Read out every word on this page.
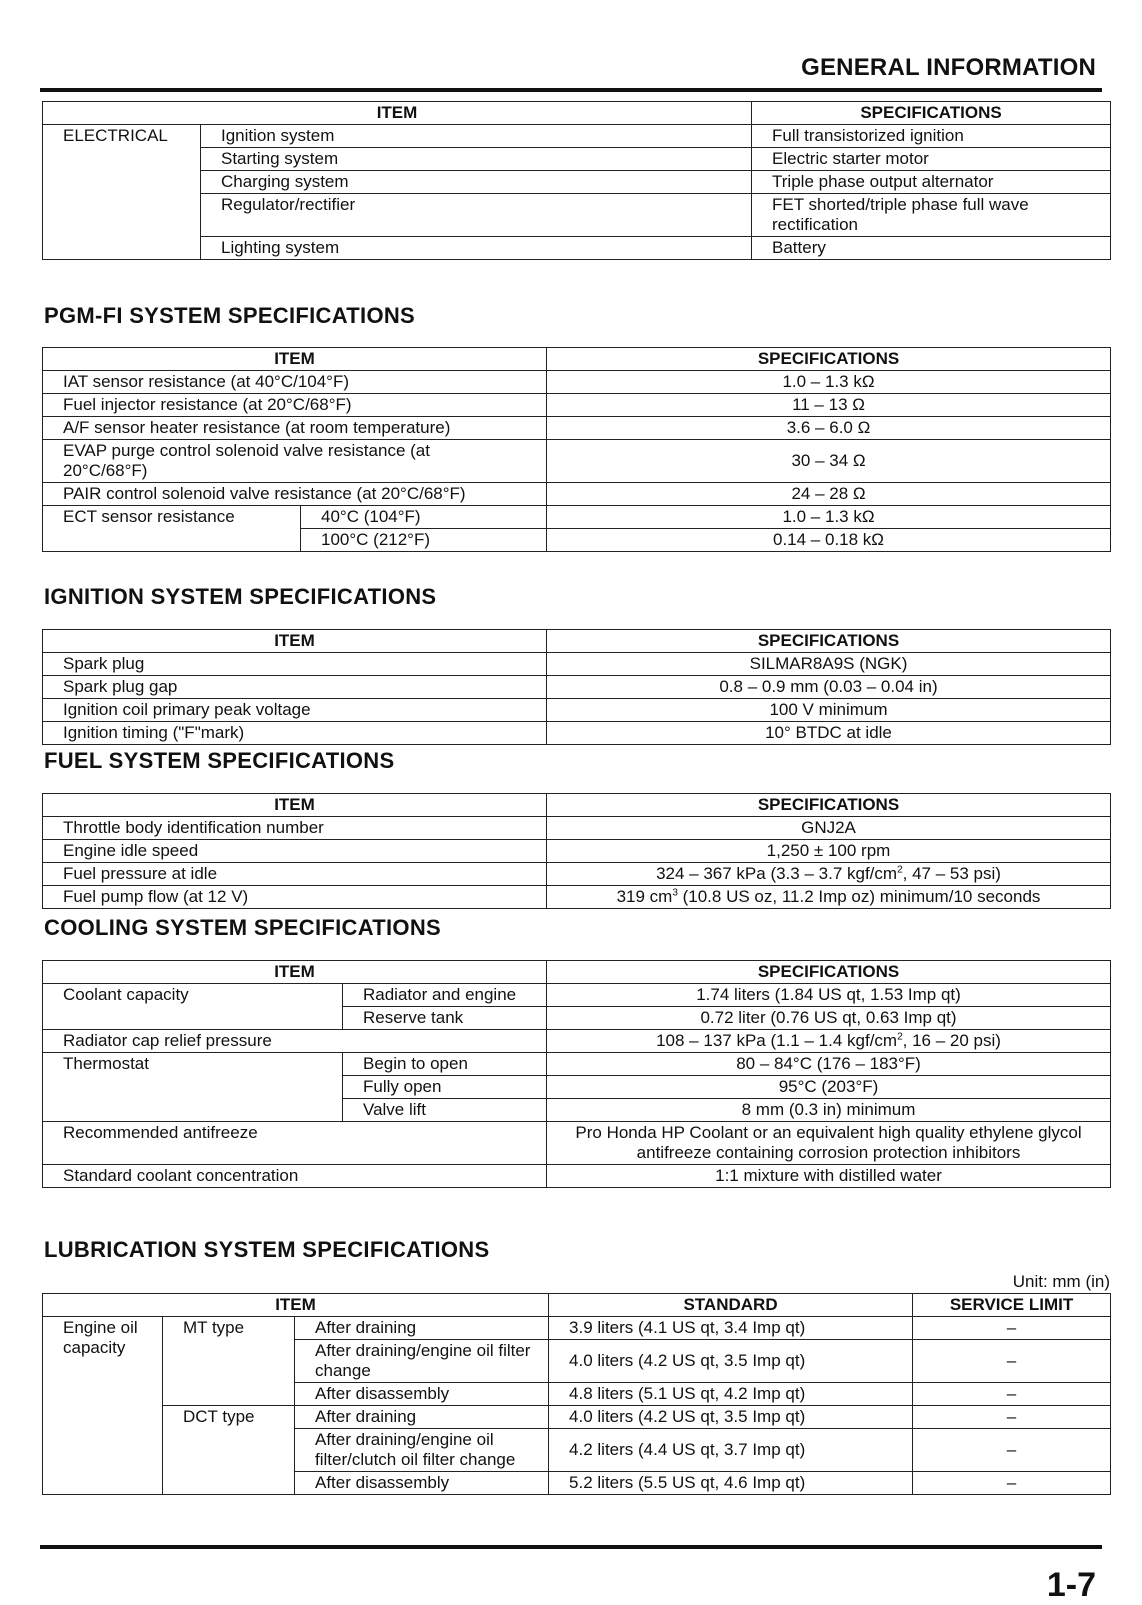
GENERAL INFORMATION
ITEM		SPECIFICATIONS
ELECTRICAL	Ignition system	Full transistorized ignition
	Starting system	Electric starter motor
	Charging system	Triple phase output alternator
	Regulator/rectifier	FET shorted/triple phase full wave rectification
	Lighting system	Battery
PGM-FI SYSTEM SPECIFICATIONS
ITEM		SPECIFICATIONS
IAT sensor resistance (at 40°C/104°F)		1.0 – 1.3 kΩ
Fuel injector resistance (at 20°C/68°F)		11 – 13 Ω
A/F sensor heater resistance (at room temperature)		3.6 – 6.0 Ω
EVAP purge control solenoid valve resistance (at 20°C/68°F)		30 – 34 Ω
PAIR control solenoid valve resistance (at 20°C/68°F)		24 – 28 Ω
ECT sensor resistance	40°C (104°F)	1.0 – 1.3 kΩ
	100°C (212°F)	0.14 – 0.18 kΩ
IGNITION SYSTEM SPECIFICATIONS
ITEM	SPECIFICATIONS
Spark plug	SILMAR8A9S (NGK)
Spark plug gap	0.8 – 0.9 mm (0.03 – 0.04 in)
Ignition coil primary peak voltage	100 V minimum
Ignition timing ("F"mark)	10° BTDC at idle
FUEL SYSTEM SPECIFICATIONS
ITEM	SPECIFICATIONS
Throttle body identification number	GNJ2A
Engine idle speed	1,250 ± 100 rpm
Fuel pressure at idle	324 – 367 kPa (3.3 – 3.7 kgf/$cm^2$, 47 – 53 psi)
Fuel pump flow (at 12 V)	319 $cm^3$ (10.8 US oz, 11.2 Imp oz) minimum/10 seconds
COOLING SYSTEM SPECIFICATIONS
ITEM		SPECIFICATIONS
Coolant capacity	Radiator and engine	1.74 liters (1.84 US qt, 1.53 Imp qt)
	Reserve tank	0.72 liter (0.76 US qt, 0.63 Imp qt)
Radiator cap relief pressure		108 – 137 kPa (1.1 – 1.4 kgf/$cm^2$, 16 – 20 psi)
Thermostat	Begin to open	80 – 84°C (176 – 183°F)
	Fully open	95°C (203°F)
	Valve lift	8 mm (0.3 in) minimum
Recommended antifreeze		Pro Honda HP Coolant or an equivalent high quality ethylene glycol antifreeze containing corrosion protection inhibitors
Standard coolant concentration		1:1 mixture with distilled water
LUBRICATION SYSTEM SPECIFICATIONS
Unit: mm (in)
ITEM			STANDARD	SERVICE LIMIT
Engine oil capacity	MT type	After draining	3.9 liters (4.1 US qt, 3.4 Imp qt)	–
		After draining/engine oil filter change	4.0 liters (4.2 US qt, 3.5 Imp qt)	–
		After disassembly	4.8 liters (5.1 US qt, 4.2 Imp qt)	–
	DCT type	After draining	4.0 liters (4.2 US qt, 3.5 Imp qt)	–
		After draining/engine oil filter/clutch oil filter change	4.2 liters (4.4 US qt, 3.7 Imp qt)	–
		After disassembly	5.2 liters (5.5 US qt, 4.6 Imp qt)	–
1-7
